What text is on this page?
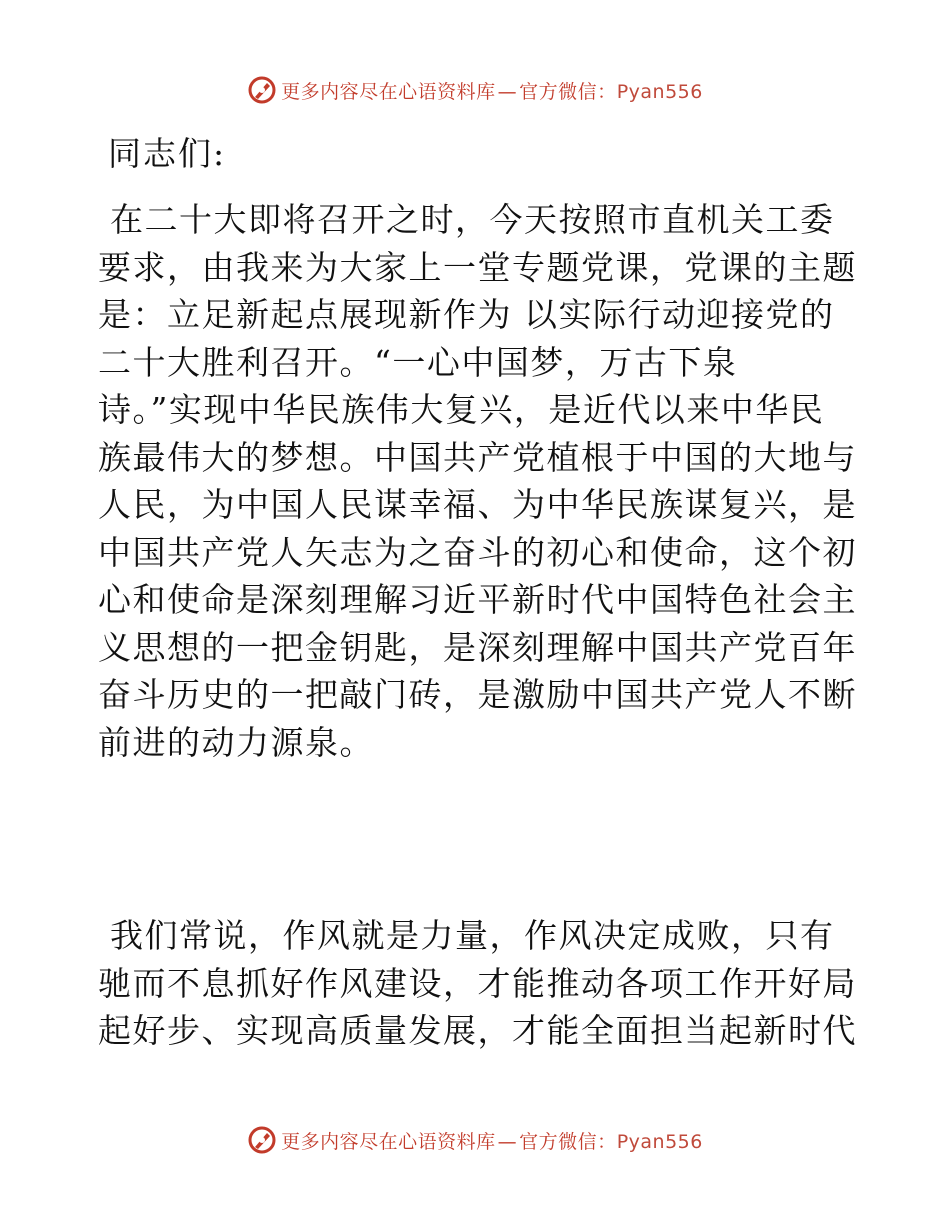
更多内容尽在心语资料库 — 官方微信：Pyan556
同志们:
在二十大即将召开之时，今天按照市直机关工委
要求，由我来为大家上一堂专题党课，党课的主题
是：立足新起点展现新作为 以实际行动迎接党的
二十大胜利召开。“一心中国梦，万古下泉
诗。”实现中华民族伟大复兴，是近代以来中华民
族最伟大的梦想。中国共产党植根于中国的大地与
人民，为中国人民谋幸福、为中华民族谋复兴，是
中国共产党人矢志为之奋斗的初心和使命，这个初
心和使命是深刻理解习近平新时代中国特色社会主
义思想的一把金钥匙，是深刻理解中国共产党百年
奋斗历史的一把敲门砖，是激励中国共产党人不断
前进的动力源泉。
我们常说，作风就是力量，作风决定成败，只有
驰而不息抓好作风建设，才能推动各项工作开好局
起好步、实现高质量发展，才能全面担当起新时代
更多内容尽在心语资料库 — 官方微信：Pyan556
